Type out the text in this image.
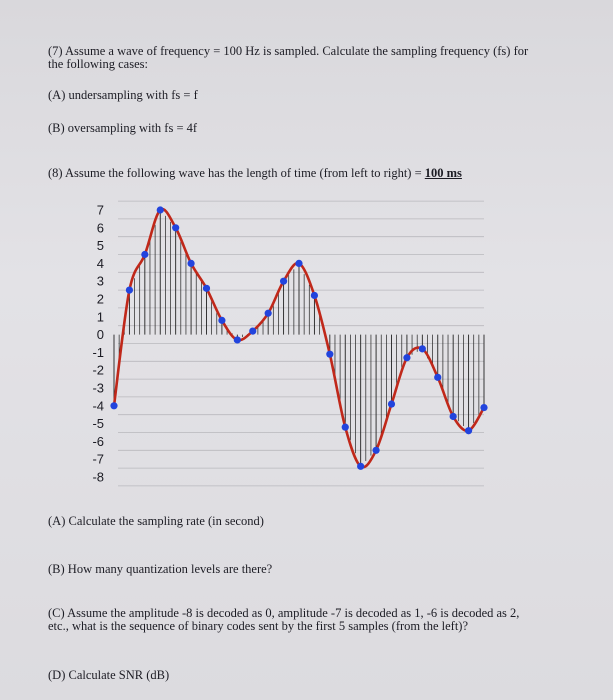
(7) Assume a wave of frequency = 100 Hz is sampled. Calculate the sampling frequency (fs) for
the following cases:
(A) undersampling with fs = f
(B) oversampling with fs = 4f
(8) Assume the following wave has the length of time (from left to right) = 100 ms
7
6
5
4
3
2
1
0
-1
-2
-3
-4
-5
-6
-7
-8
(A) Calculate the sampling rate (in second)
(B) How many quantization levels are there?
(C) Assume the amplitude -8 is decoded as 0, amplitude -7 is decoded as 1, -6 is decoded as 2,
etc., what is the sequence of binary codes sent by the first 5 samples (from the left)?
(D) Calculate SNR (dB)
